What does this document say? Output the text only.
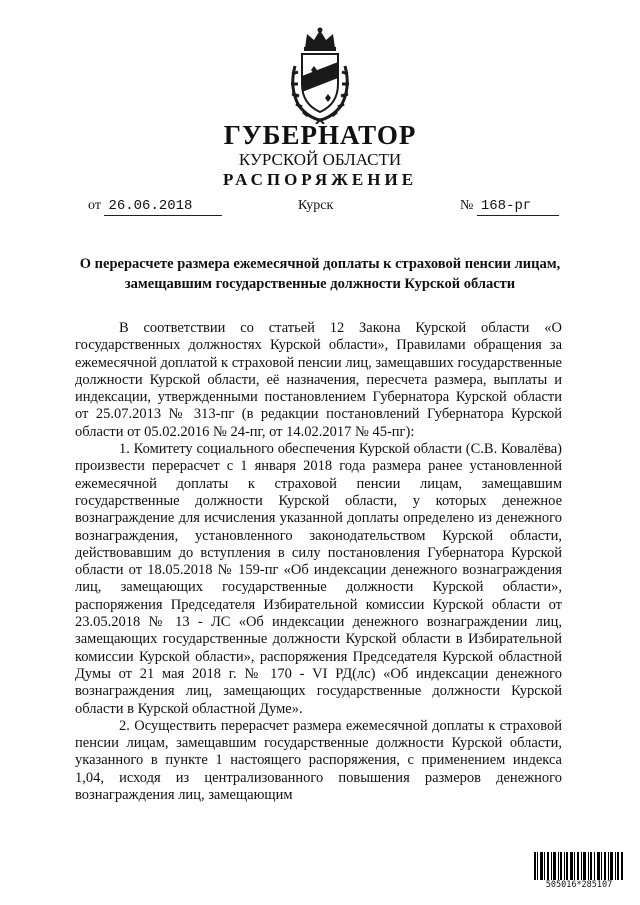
ГУБЕРНАТОР
КУРСКОЙ ОБЛАСТИ
РАСПОРЯЖЕНИЕ
от 26.06.2018	Курск	№ 168-рг
О перерасчете размера ежемесячной доплаты к страховой пенсии лицам, замещавшим государственные должности Курской области

В соответствии со статьей 12 Закона Курской области «О государственных должностях Курской области», Правилами обращения за ежемесячной доплатой к страховой пенсии лиц, замещавших государственные должности Курской области, её назначения, пересчета размера, выплаты и индексации, утвержденными постановлением Губернатора Курской области от 25.07.2013 № 313-пг (в редакции постановлений Губернатора Курской области от 05.02.2016 № 24-пг, от 14.02.2017 № 45-пг):

1. Комитету социального обеспечения Курской области (С.В. Ковалёва) произвести перерасчет с 1 января 2018 года размера ранее установленной ежемесячной доплаты к страховой пенсии лицам, замещавшим государственные должности Курской области, у которых денежное вознаграждение для исчисления указанной доплаты определено из денежного вознаграждения, установленного законодательством Курской области, действовавшим до вступления в силу постановления Губернатора Курской области от 18.05.2018 № 159-пг «Об индексации денежного вознаграждения лиц, замещающих государственные должности Курской области», распоряжения Председателя Избирательной комиссии Курской области от 23.05.2018 № 13 - ЛС «Об индексации денежного вознаграждении лиц, замещающих государственные должности Курской области в Избирательной комиссии Курской области», распоряжения Председателя Курской областной Думы от 21 мая 2018 г. № 170 - VI РД(лс) «Об индексации денежного вознаграждения лиц, замещающих государственные должности Курской области в Курской областной Думе».

2. Осуществить перерасчет размера ежемесячной доплаты к страховой пенсии лицам, замещавшим государственные должности Курской области, указанного в пункте 1 настоящего распоряжения, с применением индекса 1,04, исходя из централизованного повышения размеров денежного вознаграждения лиц, замещающим

505016*285107
